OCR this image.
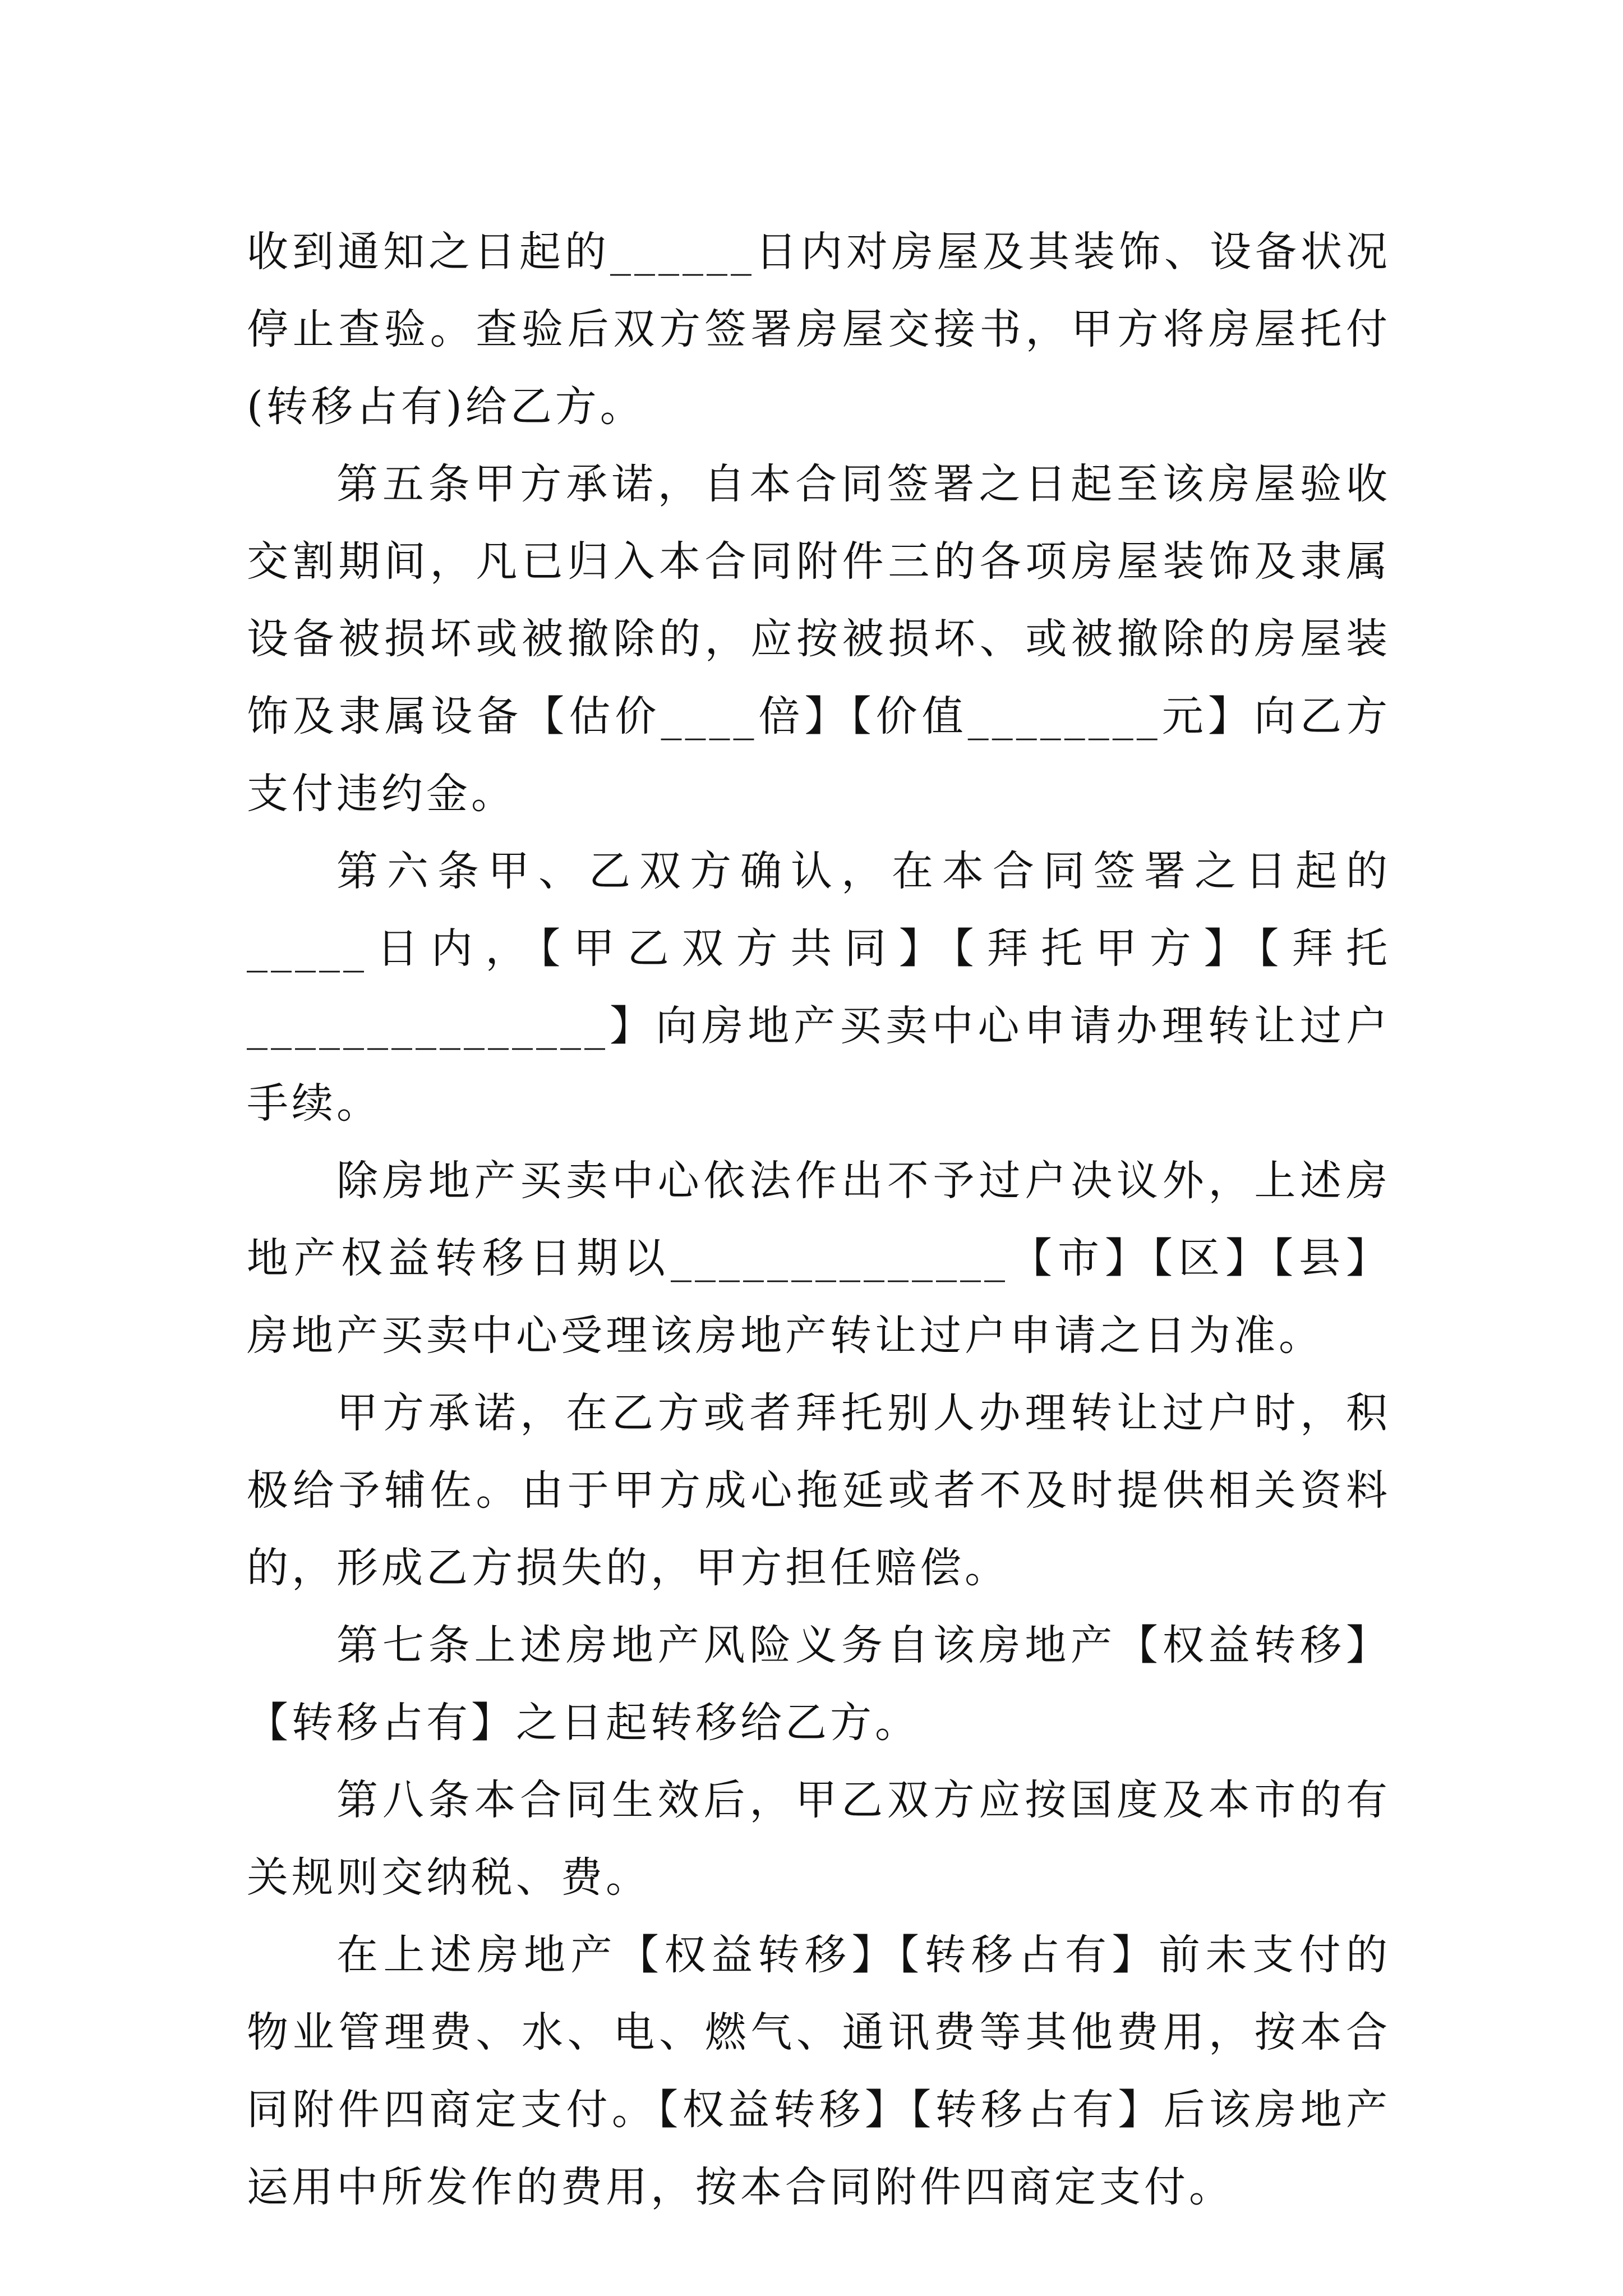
收到通知之日起的______日内对房屋及其装饰、设备状况停止查验。查验后双方签署房屋交接书，甲方将房屋托付(转移占有)给乙方。

第五条甲方承诺，自本合同签署之日起至该房屋验收交割期间，凡已归入本合同附件三的各项房屋装饰及隶属设备被损坏或被撤除的，应按被损坏、或被撤除的房屋装饰及隶属设备【估价____倍】【价值________元】向乙方支付违约金。

第六条甲、乙双方确认，在本合同签署之日起的_____日内，【甲乙双方共同】【拜托甲方】【拜托_______________】向房地产买卖中心申请办理转让过户手续。

除房地产买卖中心依法作出不予过户决议外，上述房地产权益转移日期以______________【市】【区】【县】房地产买卖中心受理该房地产转让过户申请之日为准。

甲方承诺，在乙方或者拜托别人办理转让过户时，积极给予辅佐。由于甲方成心拖延或者不及时提供相关资料的，形成乙方损失的，甲方担任赔偿。

第七条上述房地产风险义务自该房地产【权益转移】【转移占有】之日起转移给乙方。

第八条本合同生效后，甲乙双方应按国度及本市的有关规则交纳税、费。

在上述房地产【权益转移】【转移占有】前未支付的物业管理费、水、电、燃气、通讯费等其他费用，按本合同附件四商定支付。【权益转移】【转移占有】后该房地产运用中所发作的费用，按本合同附件四商定支付。
